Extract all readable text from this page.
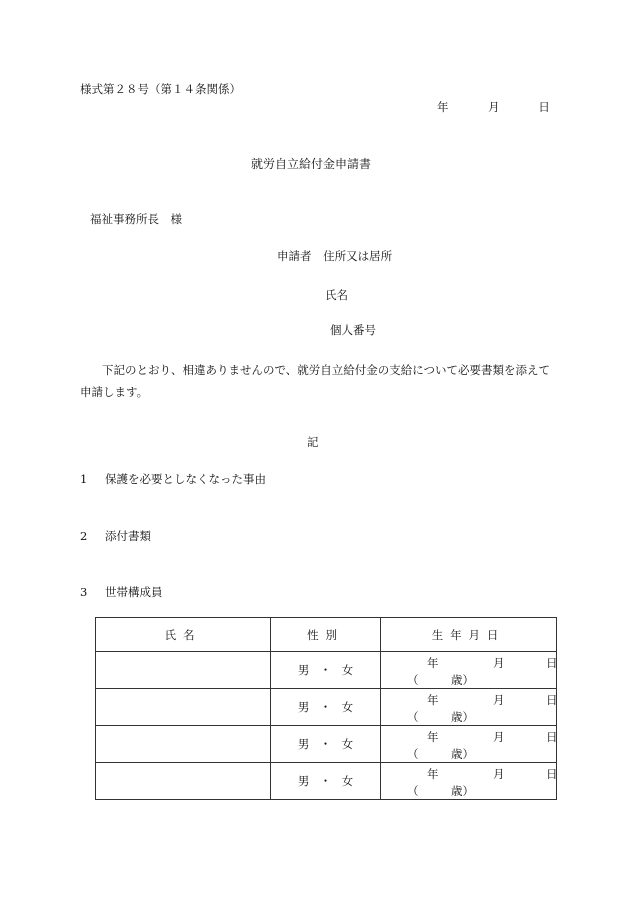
様式第２８号（第１４条関係）
年	月	日
就労自立給付金申請書
福祉事務所長　様
申請者 住所又は居所
氏名
個人番号
下記のとおり、相違ありませんので、就労自立給付金の支給について必要書類を添えて申請します。
記
1 保護を必要としなくなった事由
2 添付書類
3 世帯構成員
氏名	性別	生年月日
	男・女	年 月 日
（ 歳）

	男・女	年 月 日
（ 歳）

	男・女	年 月 日
（ 歳）

	男・女	年 月 日
（ 歳）
